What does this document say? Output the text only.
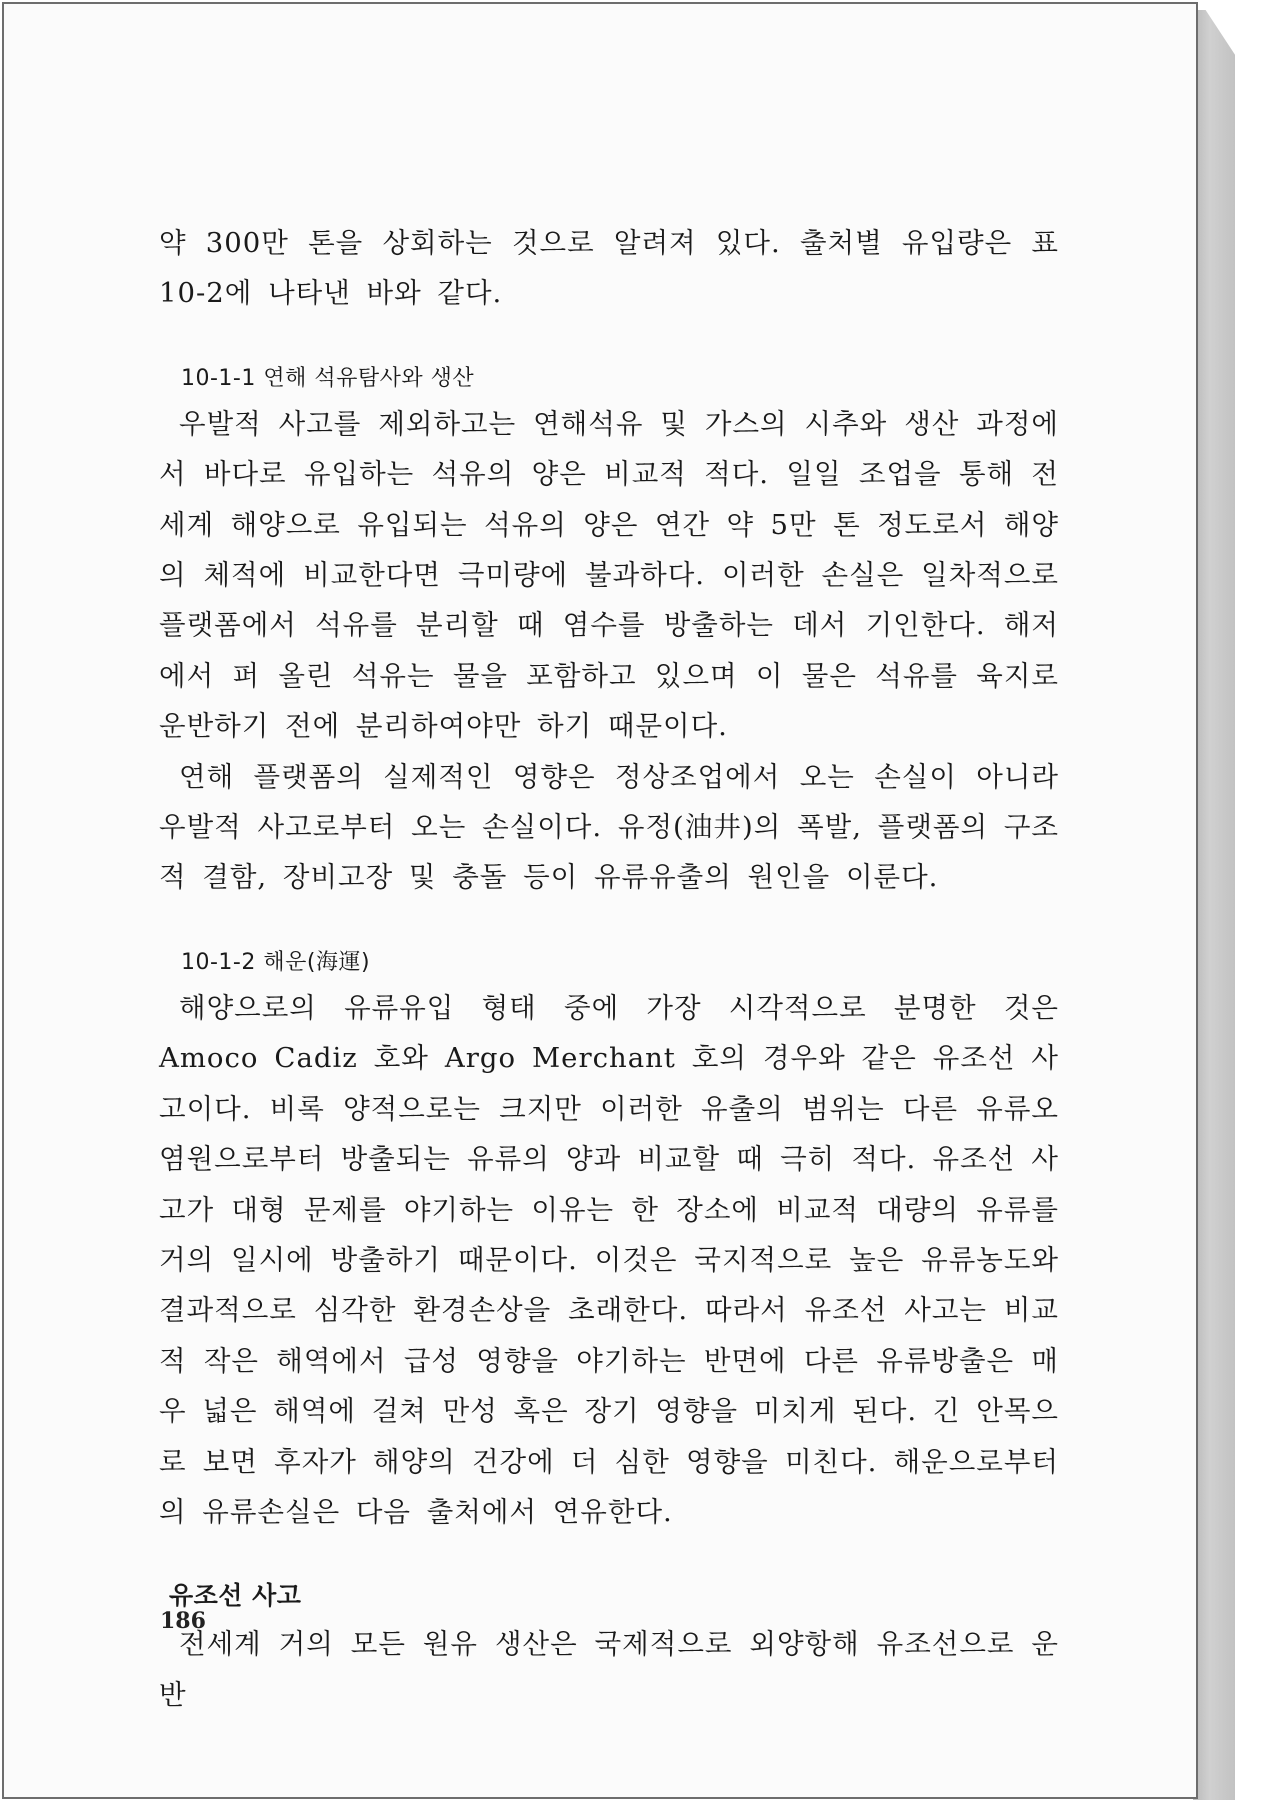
약 300만 톤을 상회하는 것으로 알려져 있다. 출처별 유입량은 표 10-2에 나타낸 바와 같다.

10-1-1 연해 석유탐사와 생산

우발적 사고를 제외하고는 연해석유 및 가스의 시추와 생산 과정에서 바다로 유입하는 석유의 양은 비교적 적다. 일일 조업을 통해 전세계 해양으로 유입되는 석유의 양은 연간 약 5만 톤 정도로서 해양의 체적에 비교한다면 극미량에 불과하다. 이러한 손실은 일차적으로 플랫폼에서 석유를 분리할 때 염수를 방출하는 데서 기인한다. 해저에서 퍼 올린 석유는 물을 포함하고 있으며 이 물은 석유를 육지로 운반하기 전에 분리하여야만 하기 때문이다.

연해 플랫폼의 실제적인 영향은 정상조업에서 오는 손실이 아니라 우발적 사고로부터 오는 손실이다. 유정(油井)의 폭발, 플랫폼의 구조적 결함, 장비고장 및 충돌 등이 유류유출의 원인을 이룬다.

10-1-2 해운(海運)

해양으로의 유류유입 형태 중에 가장 시각적으로 분명한 것은 Amoco Cadiz 호와 Argo Merchant 호의 경우와 같은 유조선 사고이다. 비록 양적으로는 크지만 이러한 유출의 범위는 다른 유류오염원으로부터 방출되는 유류의 양과 비교할 때 극히 적다. 유조선 사고가 대형 문제를 야기하는 이유는 한 장소에 비교적 대량의 유류를 거의 일시에 방출하기 때문이다. 이것은 국지적으로 높은 유류농도와 결과적으로 심각한 환경손상을 초래한다. 따라서 유조선 사고는 비교적 작은 해역에서 급성 영향을 야기하는 반면에 다른 유류방출은 매우 넓은 해역에 걸쳐 만성 혹은 장기 영향을 미치게 된다. 긴 안목으로 보면 후자가 해양의 건강에 더 심한 영향을 미친다. 해운으로부터의 유류손실은 다음 출처에서 연유한다.

유조선 사고

전세계 거의 모든 원유 생산은 국제적으로 외양항해 유조선으로 운반

186
